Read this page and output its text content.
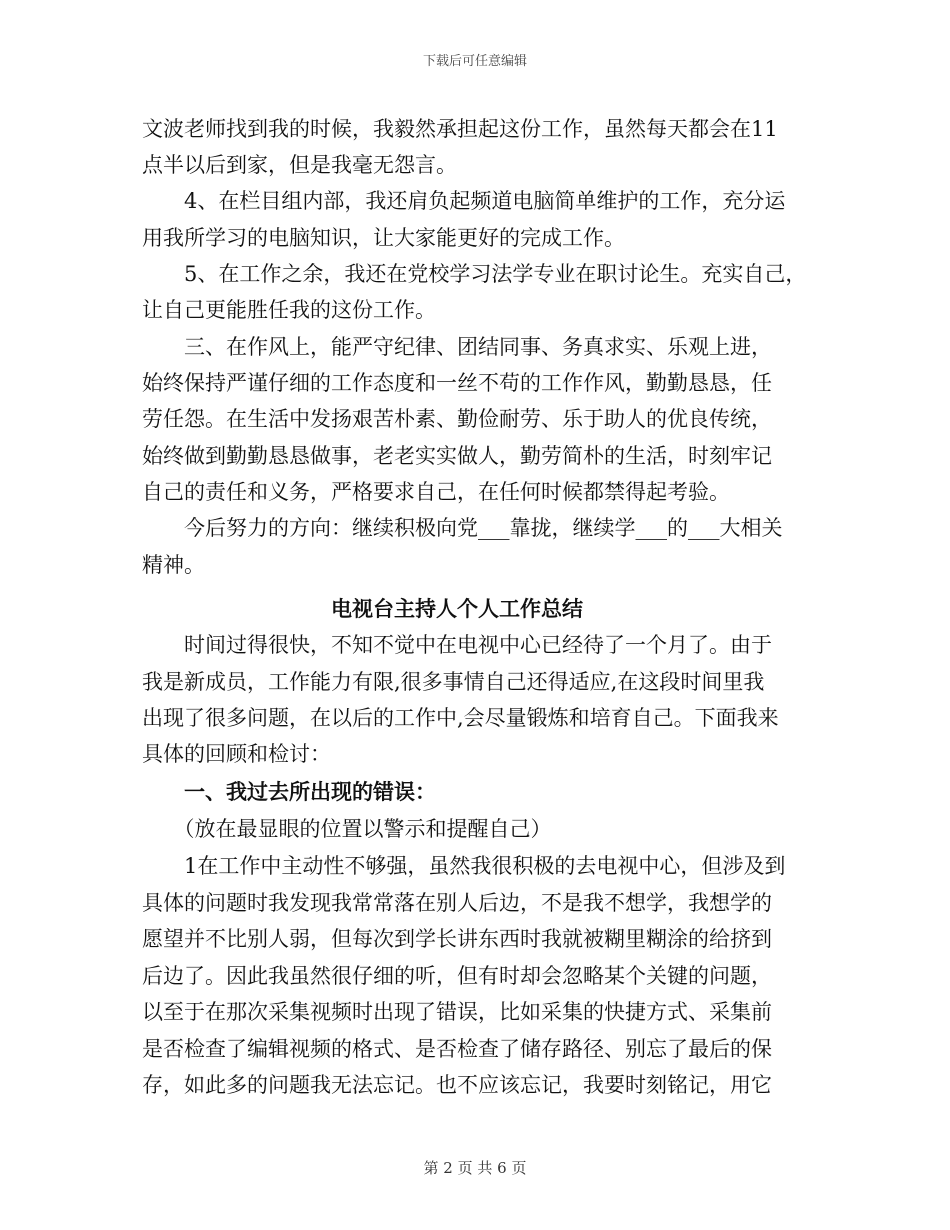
下载后可任意编辑
文波老师找到我的时候，我毅然承担起这份工作，虽然每天都会在11
点半以后到家，但是我毫无怨言。
　　4、在栏目组内部，我还肩负起频道电脑简单维护的工作，充分运
用我所学习的电脑知识，让大家能更好的完成工作。
　　5、在工作之余，我还在党校学习法学专业在职讨论生。充实自己，
让自己更能胜任我的这份工作。
　　三、在作风上，能严守纪律、团结同事、务真求实、乐观上进，
始终保持严谨仔细的工作态度和一丝不苟的工作作风，勤勤恳恳，任
劳任怨。在生活中发扬艰苦朴素、勤俭耐劳、乐于助人的优良传统，
始终做到勤勤恳恳做事，老老实实做人，勤劳简朴的生活，时刻牢记
自己的责任和义务，严格要求自己，在任何时候都禁得起考验。
　　今后努力的方向：继续积极向党___靠拢，继续学___的___大相关
精神。
　　　　　　　　　电视台主持人个人工作总结
　　时间过得很快，不知不觉中在电视中心已经待了一个月了。由于
我是新成员，工作能力有限,很多事情自己还得适应,在这段时间里我
出现了很多问题，在以后的工作中,会尽量锻炼和培育自己。下面我来
具体的回顾和检讨：
　　一、我过去所出现的错误：
　　（放在最显眼的位置以警示和提醒自己）
　　1在工作中主动性不够强，虽然我很积极的去电视中心，但涉及到
具体的问题时我发现我常常落在别人后边，不是我不想学，我想学的
愿望并不比别人弱，但每次到学长讲东西时我就被糊里糊涂的给挤到
后边了。因此我虽然很仔细的听，但有时却会忽略某个关键的问题，
以至于在那次采集视频时出现了错误，比如采集的快捷方式、采集前
是否检查了编辑视频的格式、是否检查了储存路径、别忘了最后的保
存，如此多的问题我无法忘记。也不应该忘记，我要时刻铭记，用它
第 2 页 共 6 页
